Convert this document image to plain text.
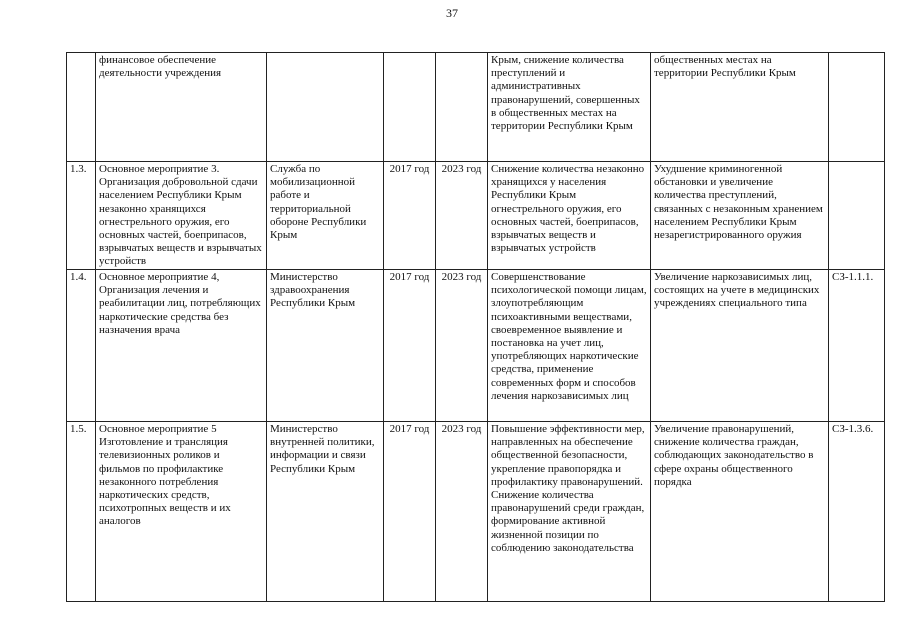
37
	финансовое обеспечение деятельности учреждения				Крым, снижение количества преступлений и административных правонарушений, совершенных в общественных местах на территории Республики Крым	общественных местах на территории Республики Крым	
1.3.	Основное мероприятие 3. Организация добровольной сдачи населением Республики Крым незаконно хранящихся огнестрельного оружия, его основных частей, боеприпасов, взрывчатых веществ и взрывчатых устройств	Служба по мобилизационной работе и территориальной обороне Республики Крым	2017 год	2023 год	Снижение количества незаконно хранящихся у населения Республики Крым огнестрельного оружия, его основных частей, боеприпасов, взрывчатых веществ и взрывчатых устройств	Ухудшение криминогенной обстановки и увеличение количества преступлений, связанных с незаконным хранением населением Республики Крым незарегистрированного оружия	
1.4.	Основное мероприятие 4, Организация лечения и реабилитации лиц, потребляющих наркотические средства без назначения врача	Министерство здравоохранения Республики Крым	2017 год	2023 год	Совершенствование психологической помощи лицам, злоупотребляющим психоактивными веществами, своевременное выявление и постановка на учет лиц, употребляющих наркотические средства, применение современных форм и способов лечения наркозависимых лиц	Увеличение наркозависимых лиц, состоящих на учете в медицинских учреждениях специального типа	СЗ-1.1.1.
1.5.	Основное мероприятие 5 Изготовление и трансляция телевизионных роликов и фильмов по профилактике незаконного потребления наркотических средств, психотропных веществ и их аналогов	Министерство внутренней политики, информации и связи Республики Крым	2017 год	2023 год	Повышение эффективности мер, направленных на обеспечение общественной безопасности, укрепление правопорядка и профилактику правонарушений. Снижение количества правонарушений среди граждан, формирование активной жизненной позиции по соблюдению законодательства	Увеличение правонарушений, снижение количества граждан, соблюдающих законодательство в сфере охраны общественного порядка	СЗ-1.3.6.
